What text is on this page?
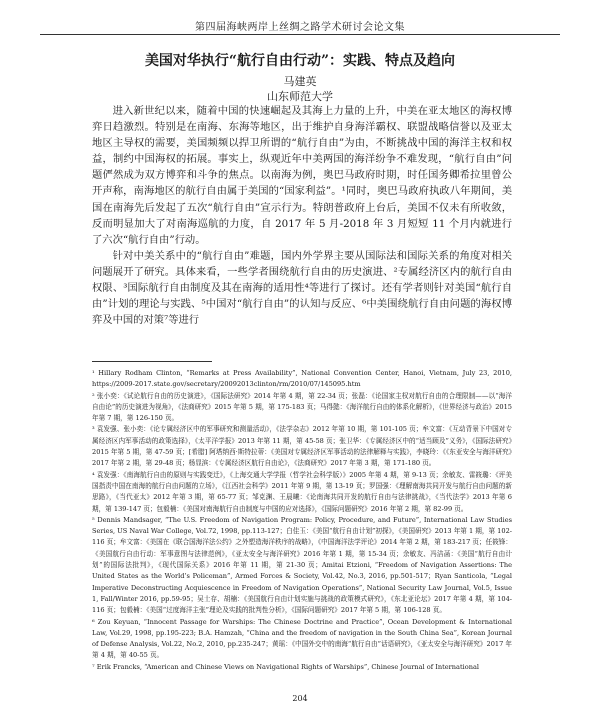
第四届海峡两岸上丝绸之路学术研讨会论文集
美国对华执行“航行自由行动”：实践、特点及趋向
马建英
山东师范大学

进入新世纪以来，随着中国的快速崛起及其海上力量的上升，中美在亚太地区的海权博弈日趋激烈。特别是在南海、东海等地区，出于维护自身海洋霸权、联盟战略信誉以及亚太地区主导权的需要，美国频频以捍卫所谓的“航行自由”为由，不断挑战中国的海洋主权和权益，制约中国海权的拓展。事实上，纵观近年中美两国的海洋纷争不难发现，“航行自由”问题俨然成为双方博弈和斗争的焦点。以南海为例，奥巴马政府时期，时任国务卿希拉里曾公开声称，南海地区的航行自由属于美国的“国家利益”。¹同时，奥巴马政府执政八年期间，美国在南海先后发起了五次“航行自由”宣示行为。特朗普政府上台后，美国不仅未有所收敛，反而明显加大了对南海巡航的力度，自 2017 年 5 月-2018 年 3 月短短 11 个月内就进行了六次“航行自由”行动。

针对中美关系中的“航行自由”难题，国内外学界主要从国际法和国际关系的角度对相关问题展开了研究。具体来看，一些学者围绕航行自由的历史演进、²专属经济区内的航行自由权限、³国际航行自由制度及其在南海的适用性⁴等进行了探讨。还有学者则针对美国“航行自由”计划的理论与实践、⁵中国对“航行自由”的认知与反应、⁶中美围绕航行自由问题的海权博弈及中国的对策⁷等进行

¹ Hillary Rodham Clinton, “Remarks at Press Availability”, National Convention Center, Hanoi, Vietnam, July 23, 2010, https://2009-2017.state.gov/secretary/20092013clinton/rm/2010/07/145095.htm

² 张小奕：《试论航行自由的历史演进》，《国际法研究》2014 年第 4 期，第 22-34 页；张磊：《论国家主权对航行自由的合理限制——以“海洋自由论”的历史演进为视角》，《法商研究》2015 年第 5 期，第 175-183 页；马得懿：《海洋航行自由的体系化解析》，《世界经济与政治》2015 年第 7 期，第 126-150 页。

³ 袁发强、张小奕：《论专属经济区中的军事研究和测量活动》，《法学杂志》2012 年第 10 期，第 101-105 页；牟文富：《互动背景下中国对专属经济区内军事活动的政策选择》，《太平洋学报》2013 年第 11 期，第 45-58 页；张卫华：《专属经济区中的“适当顾及”义务》，《国际法研究》2015 年第 5 期，第 47-59 页；[希腊] 阿塔纳西·斯特拉蒂：《美国对专属经济区军事活动的法律解释与实践》，李晓玲：《《东亚安全与海洋研究》2017 年第 2 期，第 29-48 页；杨显滨：《专属经济区航行自由论》，《法商研究》2017 年第 3 期，第 171-180 页。

⁴ 袁发强：《南海航行自由的原则与实践变迁》，《上海交通大学学报（哲学社会科学版）》2005 年第 4 期，第 9-13 页；余敏友、雷筱璐：《评美国指责中国在南海的航行自由问题的立场》，《江西社会科学》2011 年第 9 期，第 13-19 页；罗国强：《理解南海共同开发与航行自由问题的新思路》，《当代亚太》2012 年第 3 期，第 65-77 页；邹克渊、王晨曦：《论南海共同开发的航行自由与法律挑战》，《当代法学》2013 年第 6 期，第 139-147 页；包毅楠：《美国对南海航行自由制度与中国的应对选择》，《国际问题研究》2016 年第 2 期，第 82-99 页。

⁵ Dennis Mandsager, “The U.S. Freedom of Navigation Program: Policy, Procedure, and Future”, International Law Studies Series, US Naval War College, Vol.72, 1998, pp.113-127；白佳玉：《美国“航行自由计划”初探》，《美国研究》2013 年第 1 期，第 102-116 页；牟文富：《美国在《联合国海洋法公约》之外塑造海洋秩序的战略》，《中国海洋法学评论》2014 年第 2 期，第 183-217 页；任筱锋：《美国航行自由行动：军事意图与法律范例》，《亚太安全与海洋研究》2016 年第 1 期，第 15-34 页；余敏友、冯洁菡：《美国“航行自由计划”的国际法批判》，《现代国际关系》2016 年第 11 期，第 21-30 页；Amitai Etzioni, “Freedom of Navigation Assertions: The United States as the World’s Policeman”, Armed Forces & Society, Vol.42, No.3, 2016, pp.501-517；Ryan Santicola, “Legal Imperative Deconstructing Acquiescence in Freedom of Navigation Operations”, National Security Law Journal, Vol.5, Issue 1, Fall/Winter 2016, pp.59-95；吴士存、胡楠：《美国航行自由计划实施与挑战的政策模式研究》，《东北亚论坛》2017 年第 4 期，第 104-116 页；包毅楠：《美国“过度海洋主张”理论及实践的批判性分析》，《国际问题研究》2017 年第 5 期，第 106-128 页。

⁶ Zou Keyuan, “Innocent Passage for Warships: The Chinese Doctrine and Practice”, Ocean Development & International Law, Vol.29, 1998, pp.195-223; B.A. Hamzah, “China and the freedom of navigation in the South China Sea”, Korean Journal of Defense Analysis, Vol.22, No.2, 2010, pp.235-247；黄瑶：《中国外交中的南海“航行自由”话语研究》，《亚太安全与海洋研究》2017 年第 4 期，第 40-55 页。

⁷ Erik Francks, “American and Chinese Views on Navigational Rights of Warships”, Chinese Journal of International

204
